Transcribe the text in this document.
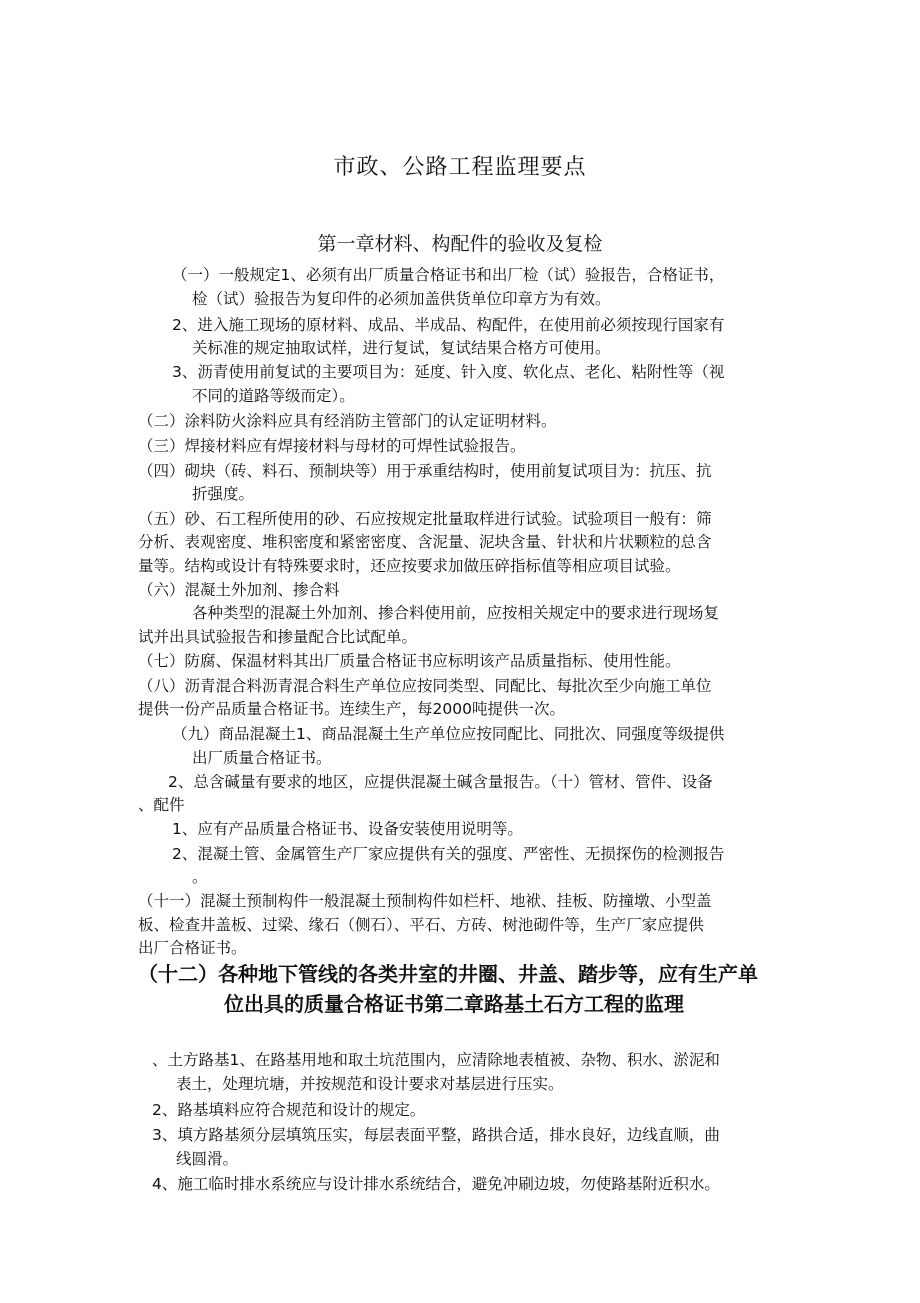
市政、公路工程监理要点
第一章材料、构配件的验收及复检
（一）一般规定1、必须有出厂质量合格证书和出厂检（试）验报告，合格证书，
检（试）验报告为复印件的必须加盖供货单位印章方为有效。
2、进入施工现场的原材料、成品、半成品、构配件，在使用前必须按现行国家有
关标准的规定抽取试样，进行复试，复试结果合格方可使用。
3、沥青使用前复试的主要项目为：延度、针入度、软化点、老化、粘附性等（视
不同的道路等级而定）。
（二）涂料防火涂料应具有经消防主管部门的认定证明材料。
（三）焊接材料应有焊接材料与母材的可焊性试验报告。
（四）砌块（砖、料石、预制块等）用于承重结构时，使用前复试项目为：抗压、抗
折强度。
（五）砂、石工程所使用的砂、石应按规定批量取样进行试验。试验项目一般有：筛
分析、表观密度、堆积密度和紧密密度、含泥量、泥块含量、针状和片状颗粒的总含
量等。结构或设计有特殊要求时，还应按要求加做压碎指标值等相应项目试验。
（六）混凝土外加剂、掺合料
各种类型的混凝土外加剂、掺合料使用前，应按相关规定中的要求进行现场复
试并出具试验报告和掺量配合比试配单。
（七）防腐、保温材料其出厂质量合格证书应标明该产品质量指标、使用性能。
（八）沥青混合料沥青混合料生产单位应按同类型、同配比、每批次至少向施工单位
提供一份产品质量合格证书。连续生产，每2000吨提供一次。
（九）商品混凝土1、商品混凝土生产单位应按同配比、同批次、同强度等级提供
出厂质量合格证书。
2、总含碱量有要求的地区，应提供混凝土碱含量报告。（十）管材、管件、设备
、配件
1、应有产品质量合格证书、设备安装使用说明等。
2、混凝土管、金属管生产厂家应提供有关的强度、严密性、无损探伤的检测报告
。
（十一）混凝土预制构件一般混凝土预制构件如栏杆、地袱、挂板、防撞墩、小型盖
板、检查井盖板、过梁、缘石（侧石）、平石、方砖、树池砌件等，生产厂家应提供
出厂合格证书。
（十二）各种地下管线的各类井室的井圈、井盖、踏步等，应有生产单
位出具的质量合格证书第二章路基土石方工程的监理
、土方路基1、在路基用地和取土坑范围内，应清除地表植被、杂物、积水、淤泥和
表土，处理坑塘，并按规范和设计要求对基层进行压实。
2、路基填料应符合规范和设计的规定。
3、填方路基须分层填筑压实，每层表面平整，路拱合适，排水良好，边线直顺，曲
线圆滑。
4、施工临时排水系统应与设计排水系统结合，避免冲刷边坡，勿使路基附近积水。
